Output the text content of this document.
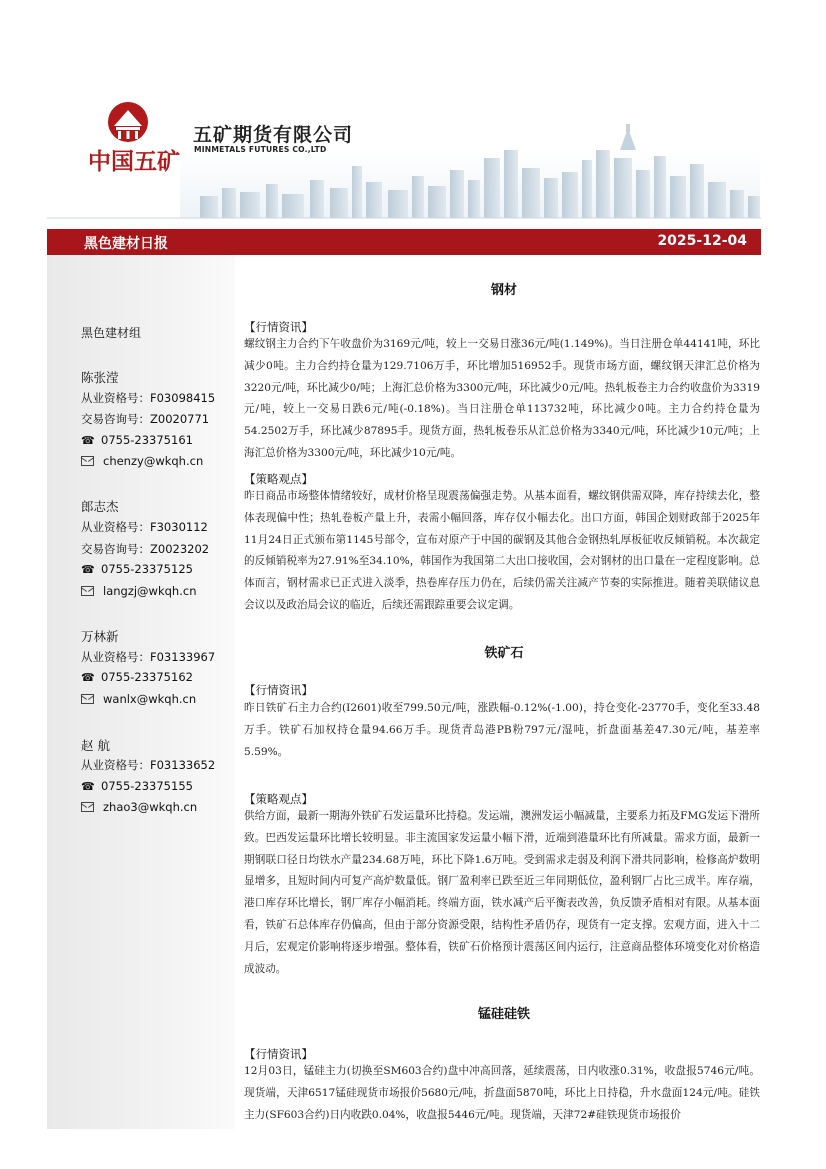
中国五矿
五矿期货有限公司
MINMETALS FUTURES CO.,LTD
黑色建材日报	2025-12-04
黑色建材组
陈张滢
从业资格号：F03098415
交易咨询号：Z0020771
☎ 0755-23375161
chenzy@wkqh.cn
郎志杰
从业资格号：F3030112
交易咨询号：Z0023202
☎ 0755-23375125
langzj@wkqh.cn
万林新
从业资格号：F03133967
☎ 0755-23375162
wanlx@wkqh.cn
赵 航
从业资格号：F03133652
☎ 0755-23375155
zhao3@wkqh.cn
钢材
【行情资讯】
螺纹钢主力合约下午收盘价为3169元/吨，较上一交易日涨36元/吨(1.149%)。当日注册仓单44141吨，环比减少0吨。主力合约持仓量为129.7106万手，环比增加516952手。现货市场方面，螺纹钢天津汇总价格为3220元/吨，环比减少0/吨；上海汇总价格为3300元/吨，环比减少0元/吨。热轧板卷主力合约收盘价为3319元/吨，较上一交易日跌6元/吨(-0.18%)。当日注册仓单113732吨，环比减少0吨。主力合约持仓量为54.2502万手，环比减少87895手。现货方面，热轧板卷乐从汇总价格为3340元/吨，环比减少10元/吨；上海汇总价格为3300元/吨，环比减少10元/吨。
【策略观点】
昨日商品市场整体情绪较好，成材价格呈现震荡偏强走势。从基本面看，螺纹钢供需双降，库存持续去化，整体表现偏中性；热轧卷板产量上升，表需小幅回落，库存仅小幅去化。出口方面，韩国企划财政部于2025年11月24日正式颁布第1145号部令，宣布对原产于中国的碳钢及其他合金钢热轧厚板征收反倾销税。本次裁定的反倾销税率为27.91%至34.10%，韩国作为我国第二大出口接收国，会对钢材的出口量在一定程度影响。总体而言，钢材需求已正式进入淡季，热卷库存压力仍在，后续仍需关注减产节奏的实际推进。随着美联储议息会议以及政治局会议的临近，后续还需跟踪重要会议定调。
铁矿石
【行情资讯】
昨日铁矿石主力合约(I2601)收至799.50元/吨，涨跌幅-0.12%(-1.00)，持仓变化-23770手，变化至33.48万手。铁矿石加权持仓量94.66万手。现货青岛港PB粉797元/湿吨，折盘面基差47.30元/吨，基差率5.59%。
【策略观点】
供给方面，最新一期海外铁矿石发运量环比持稳。发运端，澳洲发运小幅减量，主要系力拓及FMG发运下滑所致。巴西发运量环比增长较明显。非主流国家发运量小幅下滑，近端到港量环比有所减量。需求方面，最新一期钢联口径日均铁水产量234.68万吨，环比下降1.6万吨。受到需求走弱及利润下滑共同影响，检修高炉数明显增多，且短时间内可复产高炉数量低。钢厂盈利率已跌至近三年同期低位，盈利钢厂占比三成半。库存端，港口库存环比增长，钢厂库存小幅消耗。终端方面，铁水减产后平衡表改善，负反馈矛盾相对有限。从基本面看，铁矿石总体库存仍偏高，但由于部分资源受限，结构性矛盾仍存，现货有一定支撑。宏观方面，进入十二月后，宏观定价影响将逐步增强。整体看，铁矿石价格预计震荡区间内运行，注意商品整体环境变化对价格造成波动。
锰硅硅铁
【行情资讯】
12月03日，锰硅主力(切换至SM603合约)盘中冲高回落，延续震荡，日内收涨0.31%，收盘报5746元/吨。现货端，天津6517锰硅现货市场报价5680元/吨，折盘面5870吨，环比上日持稳，升水盘面124元/吨。硅铁主力(SF603合约)日内收跌0.04%，收盘报5446元/吨。现货端，天津72#硅铁现货市场报价
